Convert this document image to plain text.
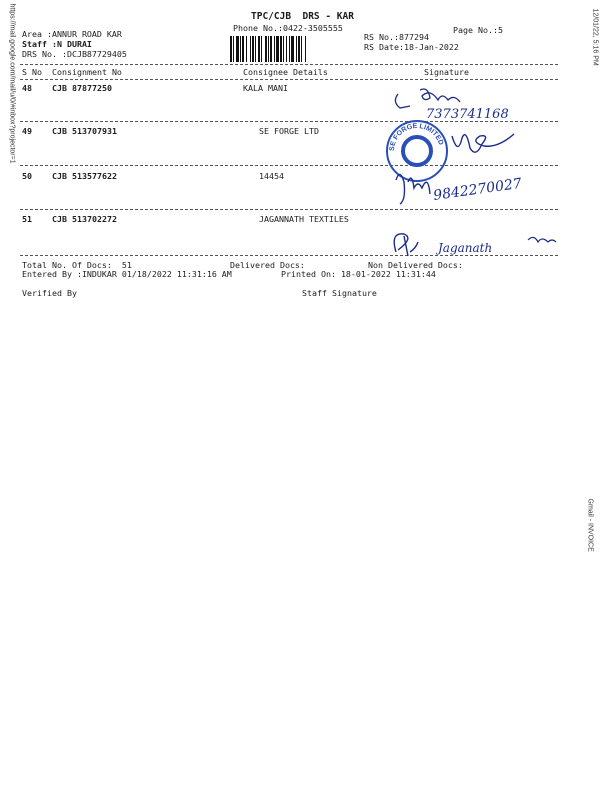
https://mail.google.com/mail/u/0/#inbox?projector=1	12/01/22, 5:16 PM
Gmail - INVOICE
TPC/CJB  DRS - KAR
Phone No.:0422-3505555	Page No.:5
Area :ANNUR ROAD KAR
Staff :N DURAI
DRS No. :DCJB87729405
RS No.:877294
RS Date:18-Jan-2022
S No Consignment No	Consignee Details	Signature
48 CJB 87877250	KALA MANI
49 CJB 513707931	SE FORGE LTD
50 CJB 513577622	14454
51 CJB 513702272	JAGANNATH TEXTILES
Total No. Of Docs:  51	Delivered Docs:	Non Delivered Docs:
Entered By :INDUKAR 01/18/2022 11:31:16 AM	Printed On: 18-01-2022 11:31:44
Verified By	Staff Signature
7373741168
SE FORGE LIMITED
9842270027
Jaganath
